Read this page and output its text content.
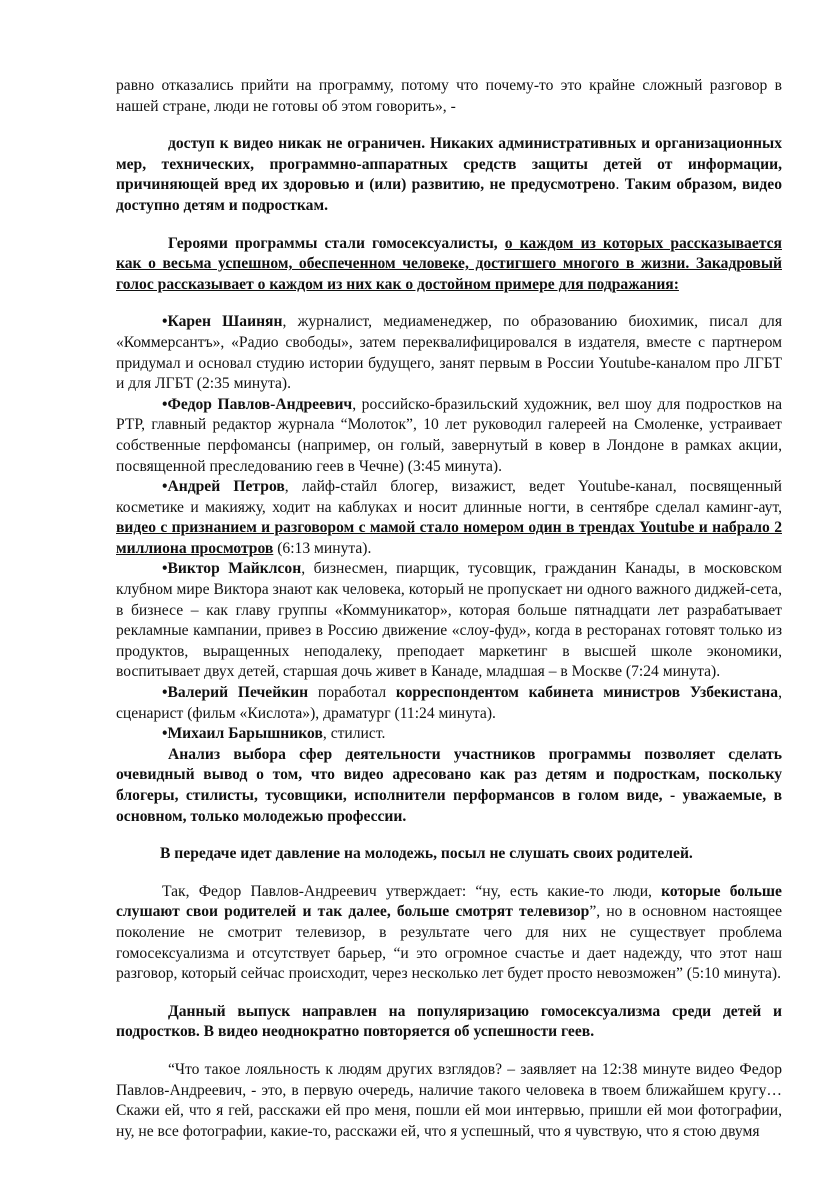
равно отказались прийти на программу, потому что почему-то это крайне сложный разговор в нашей стране, люди не готовы об этом говорить», -

доступ к видео никак не ограничен. Никаких административных и организационных мер, технических, программно-аппаратных средств защиты детей от информации, причиняющей вред их здоровью и (или) развитию, не предусмотрено. Таким образом, видео доступно детям и подросткам.

Героями программы стали гомосексуалисты, о каждом из которых рассказывается как о весьма успешном, обеспеченном человеке, достигшего многого в жизни. Закадровый голос рассказывает о каждом из них как о достойном примере для подражания:

•Карен Шаинян, журналист, медиаменеджер, по образованию биохимик, писал для «Коммерсантъ», «Радио свободы», затем переквалифицировался в издателя, вместе с партнером придумал и основал студию истории будущего, занят первым в России Youtube-каналом про ЛГБТ и для ЛГБТ (2:35 минута).

•Федор Павлов-Андреевич, российско-бразильский художник, вел шоу для подростков на РТР, главный редактор журнала “Молоток”, 10 лет руководил галереей на Смоленке, устраивает собственные перфомансы (например, он голый, завернутый в ковер в Лондоне в рамках акции, посвященной преследованию геев в Чечне) (3:45 минута).

•Андрей Петров, лайф-стайл блогер, визажист, ведет Youtube-канал, посвященный косметике и макияжу, ходит на каблуках и носит длинные ногти, в сентябре сделал каминг-аут, видео с признанием и разговором с мамой стало номером один в трендах Youtube и набрало 2 миллиона просмотров (6:13 минута).

•Виктор Майклсон, бизнесмен, пиарщик, тусовщик, гражданин Канады, в московском клубном мире Виктора знают как человека, который не пропускает ни одного важного диджей-сета, в бизнесе – как главу группы «Коммуникатор», которая больше пятнадцати лет разрабатывает рекламные кампании, привез в Россию движение «слоу-фуд», когда в ресторанах готовят только из продуктов, выращенных неподалеку, преподает маркетинг в высшей школе экономики, воспитывает двух детей, старшая дочь живет в Канаде, младшая – в Москве (7:24 минута).

•Валерий Печейкин поработал корреспондентом кабинета министров Узбекистана, сценарист (фильм «Кислота»), драматург (11:24 минута).

•Михаил Барышников, стилист.

Анализ выбора сфер деятельности участников программы позволяет сделать очевидный вывод о том, что видео адресовано как раз детям и подросткам, поскольку блогеры, стилисты, тусовщики, исполнители перформансов в голом виде, - уважаемые, в основном, только молодежью профессии.

В передаче идет давление на молодежь, посыл не слушать своих родителей.

Так, Федор Павлов-Андреевич утверждает: “ну, есть какие-то люди, которые больше слушают свои родителей и так далее, больше смотрят телевизор”, но в основном настоящее поколение не смотрит телевизор, в результате чего для них не существует проблема гомосексуализма и отсутствует барьер, “и это огромное счастье и дает надежду, что этот наш разговор, который сейчас происходит, через несколько лет будет просто невозможен” (5:10 минута).

Данный выпуск направлен на популяризацию гомосексуализма среди детей и подростков. В видео неоднократно повторяется об успешности геев.

“Что такое лояльность к людям других взглядов? – заявляет на 12:38 минуте видео Федор Павлов-Андреевич, - это, в первую очередь, наличие такого человека в твоем ближайшем кругу… Скажи ей, что я гей, расскажи ей про меня, пошли ей мои интервью, пришли ей мои фотографии, ну, не все фотографии, какие-то, расскажи ей, что я успешный, что я чувствую, что я стою двумя
